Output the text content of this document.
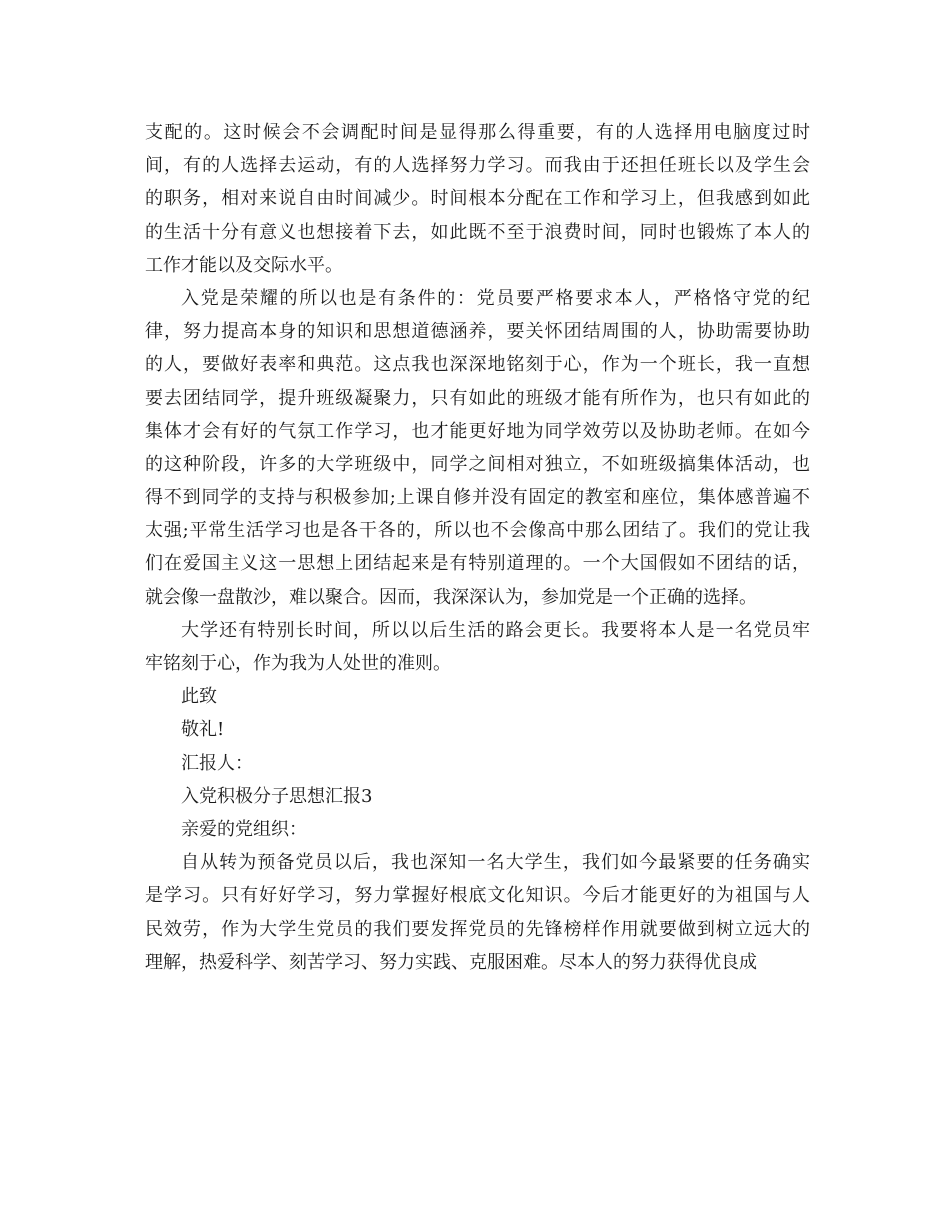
支配的。这时候会不会调配时间是显得那么得重要，有的人选择用电脑度过时
间，有的人选择去运动，有的人选择努力学习。而我由于还担任班长以及学生会
的职务，相对来说自由时间减少。时间根本分配在工作和学习上，但我感到如此
的生活十分有意义也想接着下去，如此既不至于浪费时间，同时也锻炼了本人的
工作才能以及交际水平。
入党是荣耀的所以也是有条件的：党员要严格要求本人，严格恪守党的纪
律，努力提高本身的知识和思想道德涵养，要关怀团结周围的人，协助需要协助
的人，要做好表率和典范。这点我也深深地铭刻于心，作为一个班长，我一直想
要去团结同学，提升班级凝聚力，只有如此的班级才能有所作为，也只有如此的
集体才会有好的气氛工作学习，也才能更好地为同学效劳以及协助老师。在如今
的这种阶段，许多的大学班级中，同学之间相对独立，不如班级搞集体活动，也
得不到同学的支持与积极参加;上课自修并没有固定的教室和座位，集体感普遍不
太强;平常生活学习也是各干各的，所以也不会像高中那么团结了。我们的党让我
们在爱国主义这一思想上团结起来是有特别道理的。一个大国假如不团结的话，
就会像一盘散沙，难以聚合。因而，我深深认为，参加党是一个正确的选择。
大学还有特别长时间，所以以后生活的路会更长。我要将本人是一名党员牢
牢铭刻于心，作为我为人处世的准则。
此致
敬礼!
汇报人：
入党积极分子思想汇报3
亲爱的党组织：
自从转为预备党员以后，我也深知一名大学生，我们如今最紧要的任务确实
是学习。只有好好学习，努力掌握好根底文化知识。今后才能更好的为祖国与人
民效劳，作为大学生党员的我们要发挥党员的先锋榜样作用就要做到树立远大的
理解，热爱科学、刻苦学习、努力实践、克服困难。尽本人的努力获得优良成
